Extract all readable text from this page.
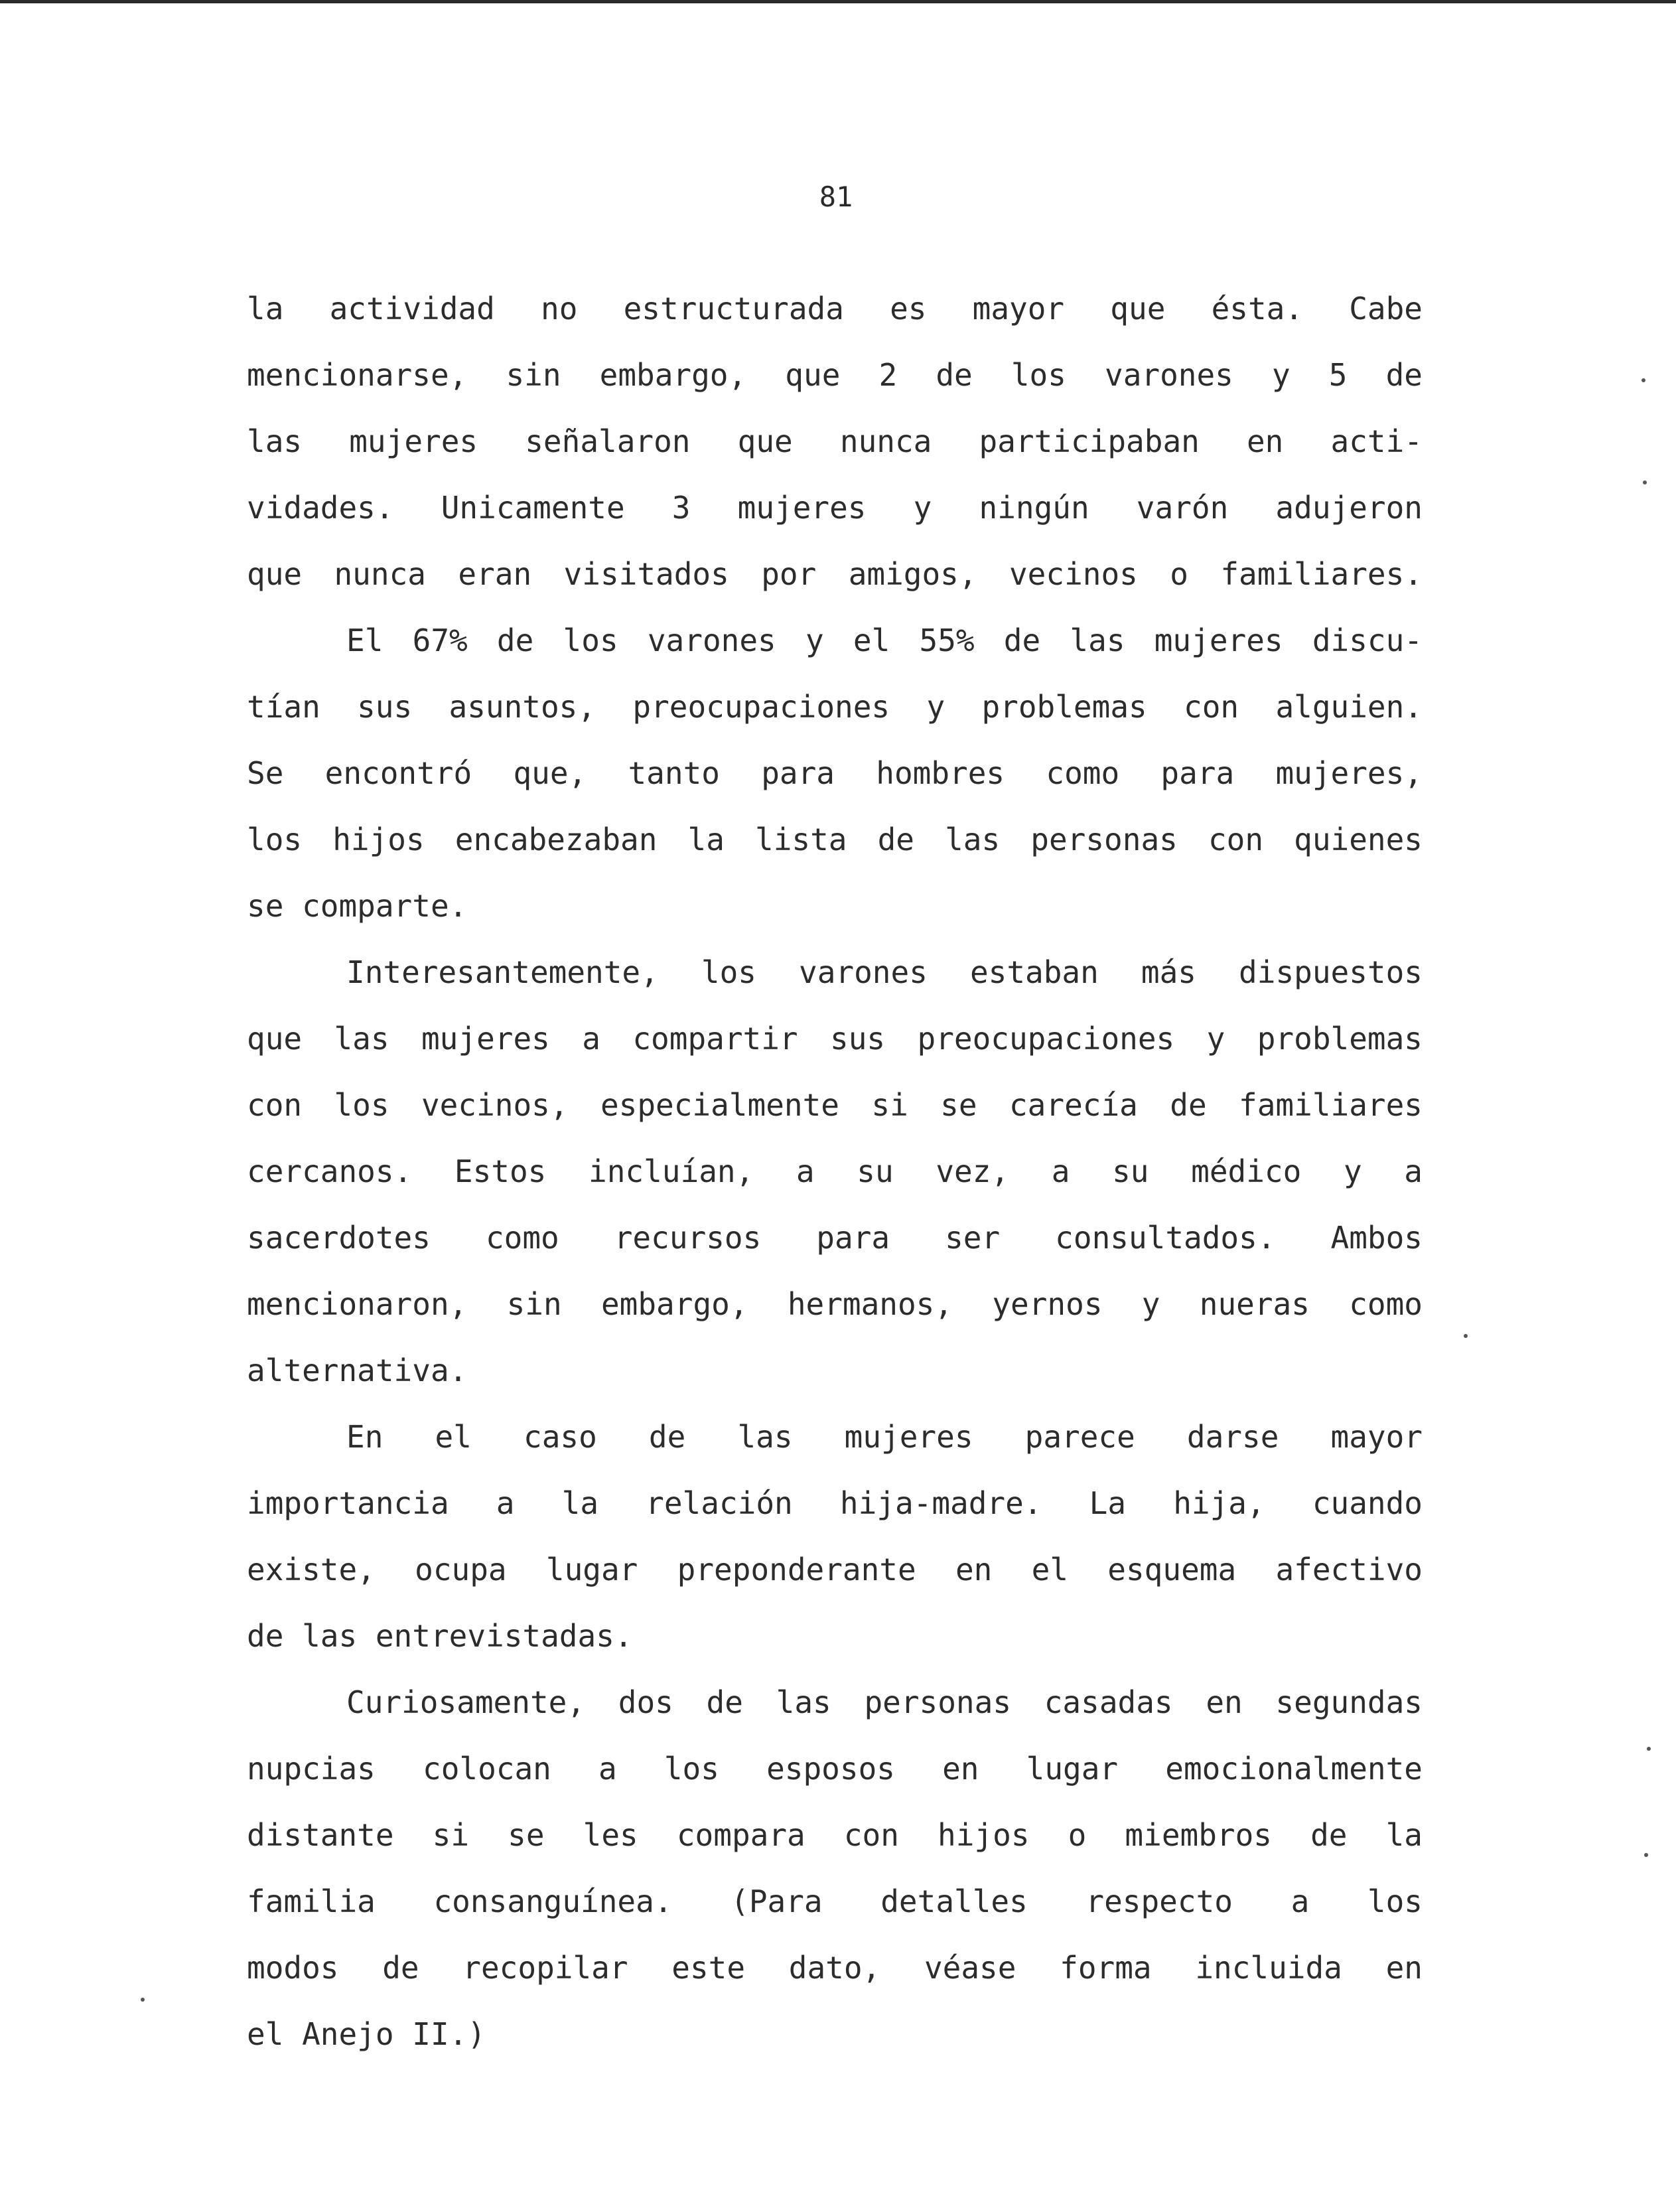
81
la actividad no estructurada es mayor que ésta. Cabe
mencionarse, sin embargo, que 2 de los varones y 5 de
las mujeres señalaron que nunca participaban en acti-
vidades. Unicamente 3 mujeres y ningún varón adujeron
que nunca eran visitados por amigos, vecinos o familiares.
El 67% de los varones y el 55% de las mujeres discu-
tían sus asuntos, preocupaciones y problemas con alguien.
Se encontró que, tanto para hombres como para mujeres,
los hijos encabezaban la lista de las personas con quienes
se comparte.
Interesantemente, los varones estaban más dispuestos
que las mujeres a compartir sus preocupaciones y problemas
con los vecinos, especialmente si se carecía de familiares
cercanos. Estos incluían, a su vez, a su médico y a
sacerdotes como recursos para ser consultados. Ambos
mencionaron, sin embargo, hermanos, yernos y nueras como
alternativa.
En el caso de las mujeres parece darse mayor
importancia a la relación hija-madre. La hija, cuando
existe, ocupa lugar preponderante en el esquema afectivo
de las entrevistadas.
Curiosamente, dos de las personas casadas en segundas
nupcias colocan a los esposos en lugar emocionalmente
distante si se les compara con hijos o miembros de la
familia consanguínea. (Para detalles respecto a los
modos de recopilar este dato, véase forma incluida en
el Anejo II.)
